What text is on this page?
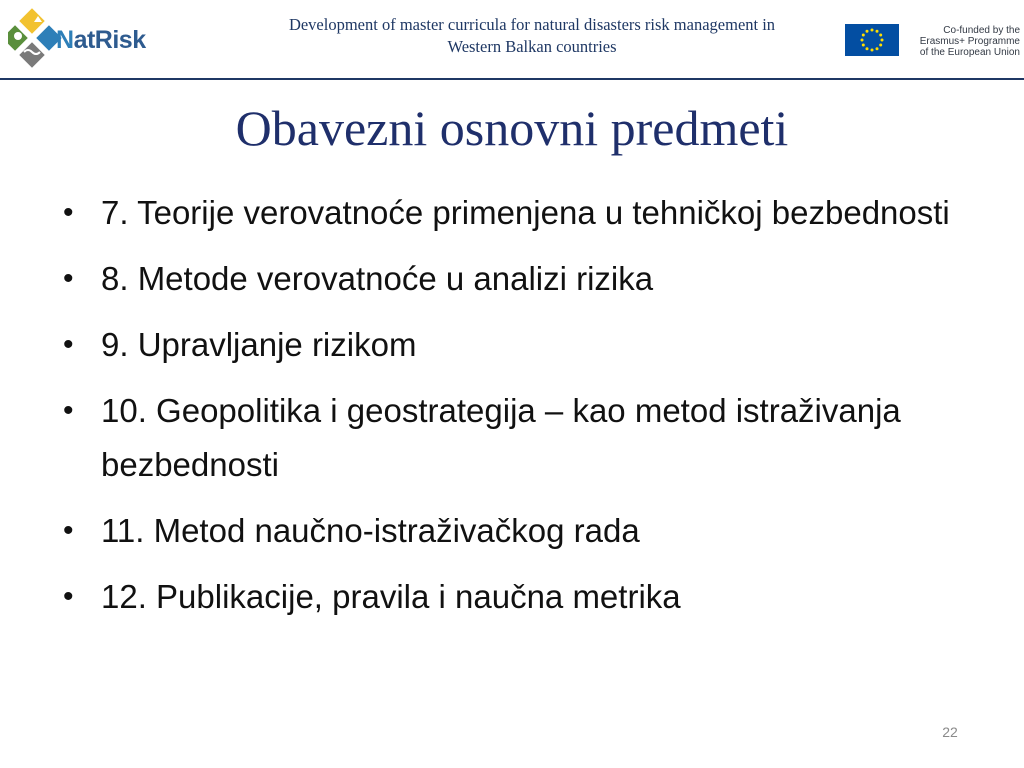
NatRisk
Development of master curricula for natural disasters risk management in Western Balkan countries
Co-funded by the
Erasmus+ Programme
of the European Union
Obavezni osnovni predmeti
• 7. Teorije verovatnoće primenjena u tehničkoj bezbednosti
• 8. Metode verovatnoće u analizi rizika
• 9. Upravljanje rizikom
• 10. Geopolitika i geostrategija – kao metod istraživanja bezbednosti
• 11. Metod naučno-istraživačkog rada
• 12. Publikacije, pravila i naučna metrika
22
